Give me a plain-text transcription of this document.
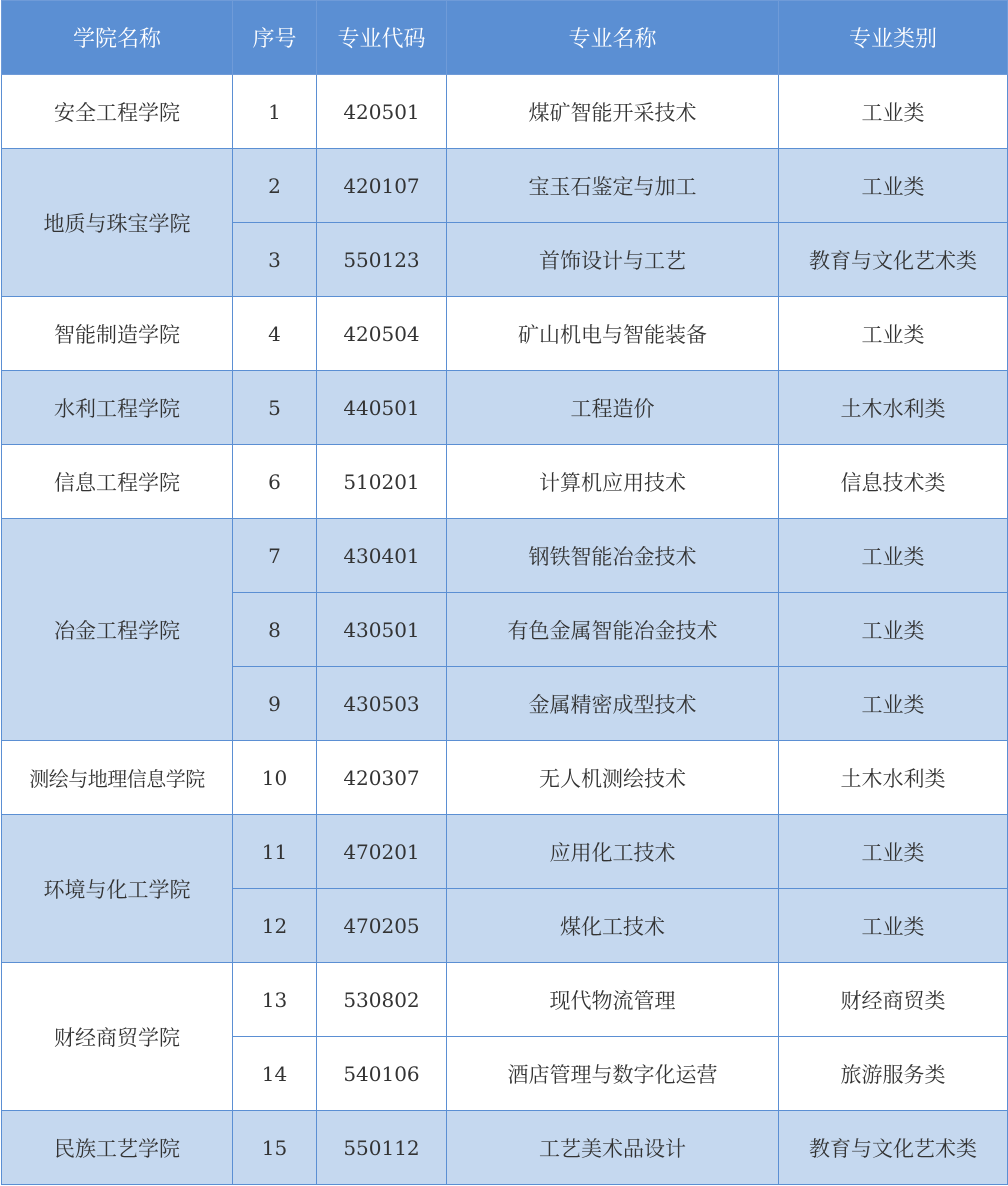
学院名称	序号	专业代码	专业名称	专业类别
安全工程学院	1	420501	煤矿智能开采技术	工业类
地质与珠宝学院	2	420107	宝玉石鉴定与加工	工业类
	3	550123	首饰设计与工艺	教育与文化艺术类
智能制造学院	4	420504	矿山机电与智能装备	工业类
水利工程学院	5	440501	工程造价	土木水利类
信息工程学院	6	510201	计算机应用技术	信息技术类
冶金工程学院	7	430401	钢铁智能冶金技术	工业类
	8	430501	有色金属智能冶金技术	工业类
	9	430503	金属精密成型技术	工业类
测绘与地理信息学院	10	420307	无人机测绘技术	土木水利类
环境与化工学院	11	470201	应用化工技术	工业类
	12	470205	煤化工技术	工业类
财经商贸学院	13	530802	现代物流管理	财经商贸类
	14	540106	酒店管理与数字化运营	旅游服务类
民族工艺学院	15	550112	工艺美术品设计	教育与文化艺术类
